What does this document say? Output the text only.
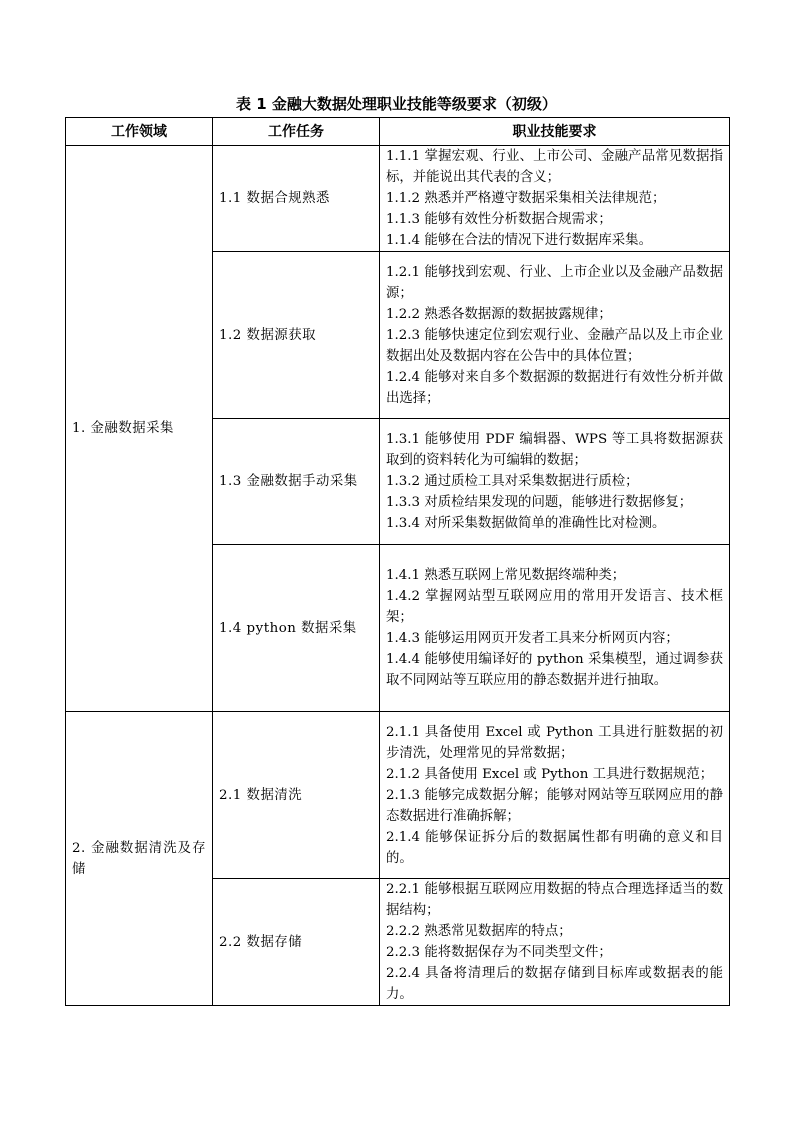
表 1 金融大数据处理职业技能等级要求（初级）
工作领域	工作任务	职业技能要求
1. 金融数据采集	1.1 数据合规熟悉	1.1.1 掌握宏观、行业、上市公司、金融产品常见数据指标，并能说出其代表的含义；
1.1.2 熟悉并严格遵守数据采集相关法律规范；
1.1.3 能够有效性分析数据合规需求；
1.1.4 能够在合法的情况下进行数据库采集。

	1.2 数据源获取	1.2.1 能够找到宏观、行业、上市企业以及金融产品数据源；
1.2.2 熟悉各数据源的数据披露规律；
1.2.3 能够快速定位到宏观行业、金融产品以及上市企业数据出处及数据内容在公告中的具体位置；
1.2.4 能够对来自多个数据源的数据进行有效性分析并做出选择；

	1.3 金融数据手动采集	1.3.1 能够使用 PDF 编辑器、WPS 等工具将数据源获取到的资料转化为可编辑的数据；
1.3.2 通过质检工具对采集数据进行质检；
1.3.3 对质检结果发现的问题，能够进行数据修复；
1.3.4 对所采集数据做简单的准确性比对检测。

	1.4 python 数据采集	1.4.1 熟悉互联网上常见数据终端种类；
1.4.2 掌握网站型互联网应用的常用开发语言、技术框架；
1.4.3 能够运用网页开发者工具来分析网页内容；
1.4.4 能够使用编译好的 python 采集模型，通过调参获取不同网站等互联应用的静态数据并进行抽取。

2. 金融数据清洗及存储	2.1 数据清洗	2.1.1 具备使用 Excel 或 Python 工具进行脏数据的初步清洗，处理常见的异常数据；
2.1.2 具备使用 Excel 或 Python 工具进行数据规范；
2.1.3 能够完成数据分解；能够对网站等互联网应用的静态数据进行准确拆解；
2.1.4 能够保证拆分后的数据属性都有明确的意义和目的。

	2.2 数据存储	2.2.1 能够根据互联网应用数据的特点合理选择适当的数据结构；
2.2.2 熟悉常见数据库的特点；
2.2.3 能将数据保存为不同类型文件；
2.2.4 具备将清理后的数据存储到目标库或数据表的能力。
